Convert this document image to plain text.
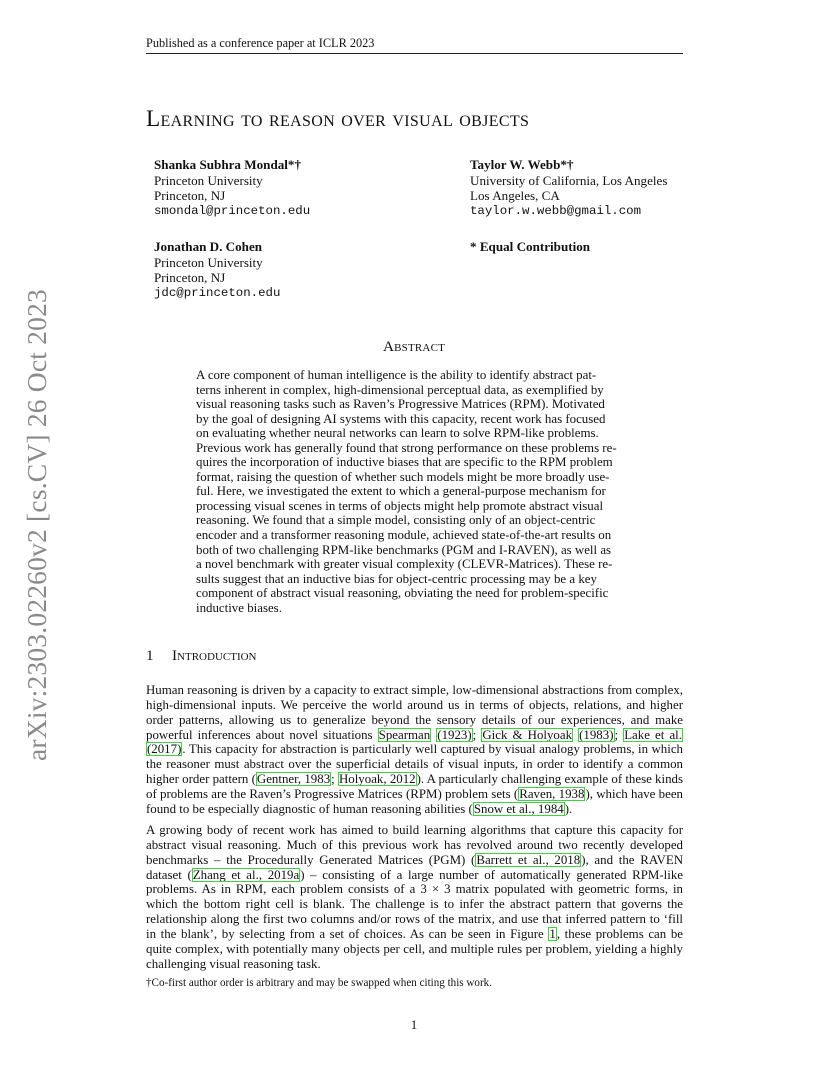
arXiv:2303.02260v2 [cs.CV] 26 Oct 2023
Published as a conference paper at ICLR 2023
Learning to reason over visual objects
Shanka Subhra Mondal*†
Princeton University
Princeton, NJ
smondal@princeton.edu
Taylor W. Webb*†
University of California, Los Angeles
Los Angeles, CA
taylor.w.webb@gmail.com
Jonathan D. Cohen
Princeton University
Princeton, NJ
jdc@princeton.edu
* Equal Contribution
Abstract
A core component of human intelligence is the ability to identify abstract pat-
terns inherent in complex, high-dimensional perceptual data, as exemplified by
visual reasoning tasks such as Raven’s Progressive Matrices (RPM). Motivated
by the goal of designing AI systems with this capacity, recent work has focused
on evaluating whether neural networks can learn to solve RPM-like problems.
Previous work has generally found that strong performance on these problems re-
quires the incorporation of inductive biases that are specific to the RPM problem
format, raising the question of whether such models might be more broadly use-
ful. Here, we investigated the extent to which a general-purpose mechanism for
processing visual scenes in terms of objects might help promote abstract visual
reasoning. We found that a simple model, consisting only of an object-centric
encoder and a transformer reasoning module, achieved state-of-the-art results on
both of two challenging RPM-like benchmarks (PGM and I-RAVEN), as well as
a novel benchmark with greater visual complexity (CLEVR-Matrices). These re-
sults suggest that an inductive bias for object-centric processing may be a key
component of abstract visual reasoning, obviating the need for problem-specific
inductive biases.
1 Introduction
Human reasoning is driven by a capacity to extract simple, low-dimensional abstractions from complex, high-dimensional inputs. We perceive the world around us in terms of objects, relations, and higher order patterns, allowing us to generalize beyond the sensory details of our experiences, and make powerful inferences about novel situations Spearman (1923); Gick & Holyoak (1983); Lake et al. (2017). This capacity for abstraction is particularly well captured by visual analogy problems, in which the reasoner must abstract over the superficial details of visual inputs, in order to identify a common higher order pattern (Gentner, 1983; Holyoak, 2012). A particularly challenging example of these kinds of problems are the Raven’s Progressive Matrices (RPM) problem sets (Raven, 1938), which have been found to be especially diagnostic of human reasoning abilities (Snow et al., 1984).
A growing body of recent work has aimed to build learning algorithms that capture this capacity for abstract visual reasoning. Much of this previous work has revolved around two recently developed benchmarks – the Procedurally Generated Matrices (PGM) (Barrett et al., 2018), and the RAVEN dataset (Zhang et al., 2019a) – consisting of a large number of automatically generated RPM-like problems. As in RPM, each problem consists of a 3 × 3 matrix populated with geometric forms, in which the bottom right cell is blank. The challenge is to infer the abstract pattern that governs the relationship along the first two columns and/or rows of the matrix, and use that inferred pattern to ‘fill in the blank’, by selecting from a set of choices. As can be seen in Figure 1, these problems can be quite complex, with potentially many objects per cell, and multiple rules per problem, yielding a highly challenging visual reasoning task.
†Co-first author order is arbitrary and may be swapped when citing this work.
1
